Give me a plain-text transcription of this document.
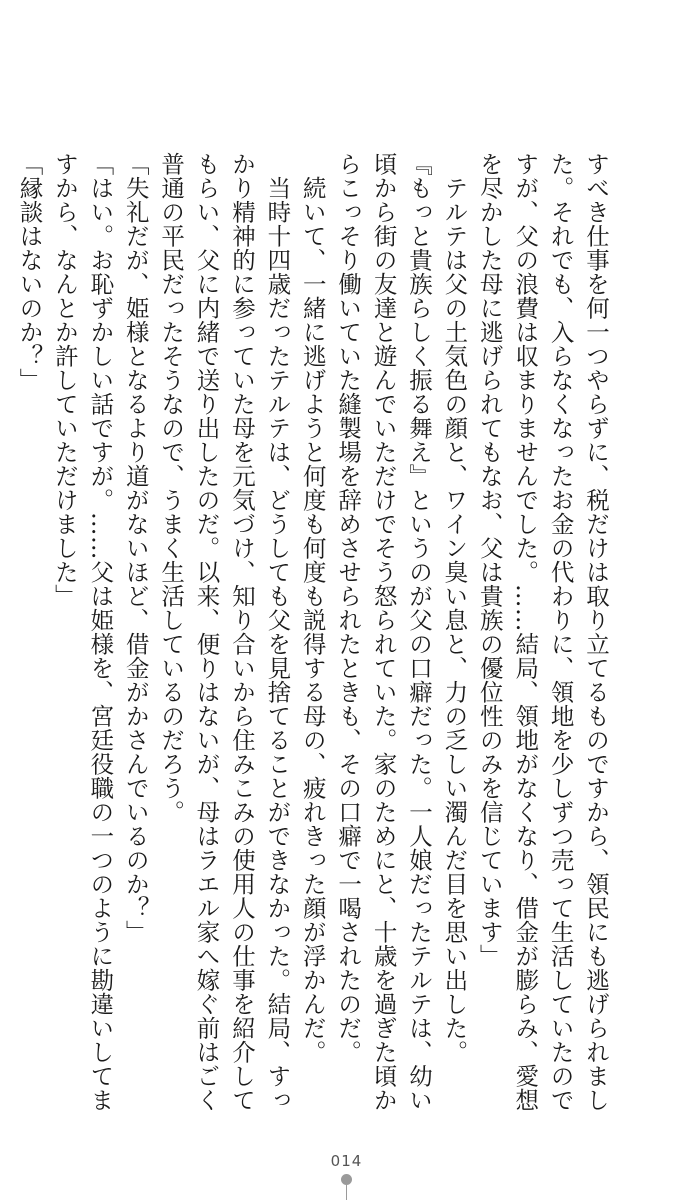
すべき仕事を何一つやらずに、税だけは取り立てるものですから、領民にも逃げられまし
た。それでも、入らなくなったお金の代わりに、領地を少しずつ売って生活していたので
すが、父の浪費は収まりませんでした。……結局、領地がなくなり、借金が膨らみ、愛想
を尽かした母に逃げられてもなお、父は貴族の優位性のみを信じています」
　テルテは父の土気色の顔と、ワイン臭い息と、力の乏しい濁んだ目を思い出した。
『もっと貴族らしく振る舞え』というのが父の口癖だった。一人娘だったテルテは、幼い
頃から街の友達と遊んでいただけでそう怒られていた。家のためにと、十歳を過ぎた頃か
らこっそり働いていた縫製場を辞めさせられたときも、その口癖で一喝されたのだ。
　続いて、一緒に逃げようと何度も何度も説得する母の、疲れきった顔が浮かんだ。
　当時十四歳だったテルテは、どうしても父を見捨てることができなかった。結局、すっ
かり精神的に参っていた母を元気づけ、知り合いから住みこみの使用人の仕事を紹介して
もらい、父に内緒で送り出したのだ。以来、便りはないが、母はラエル家へ嫁ぐ前はごく
普通の平民だったそうなので、うまく生活しているのだろう。
「失礼だが、姫様となるより道がないほど、借金がかさんでいるのか？」
「はい。お恥ずかしい話ですが。……父は姫様を、宮廷役職の一つのように勘違いしてま
すから、なんとか許していただけました」
「縁談はないのか？」
014
